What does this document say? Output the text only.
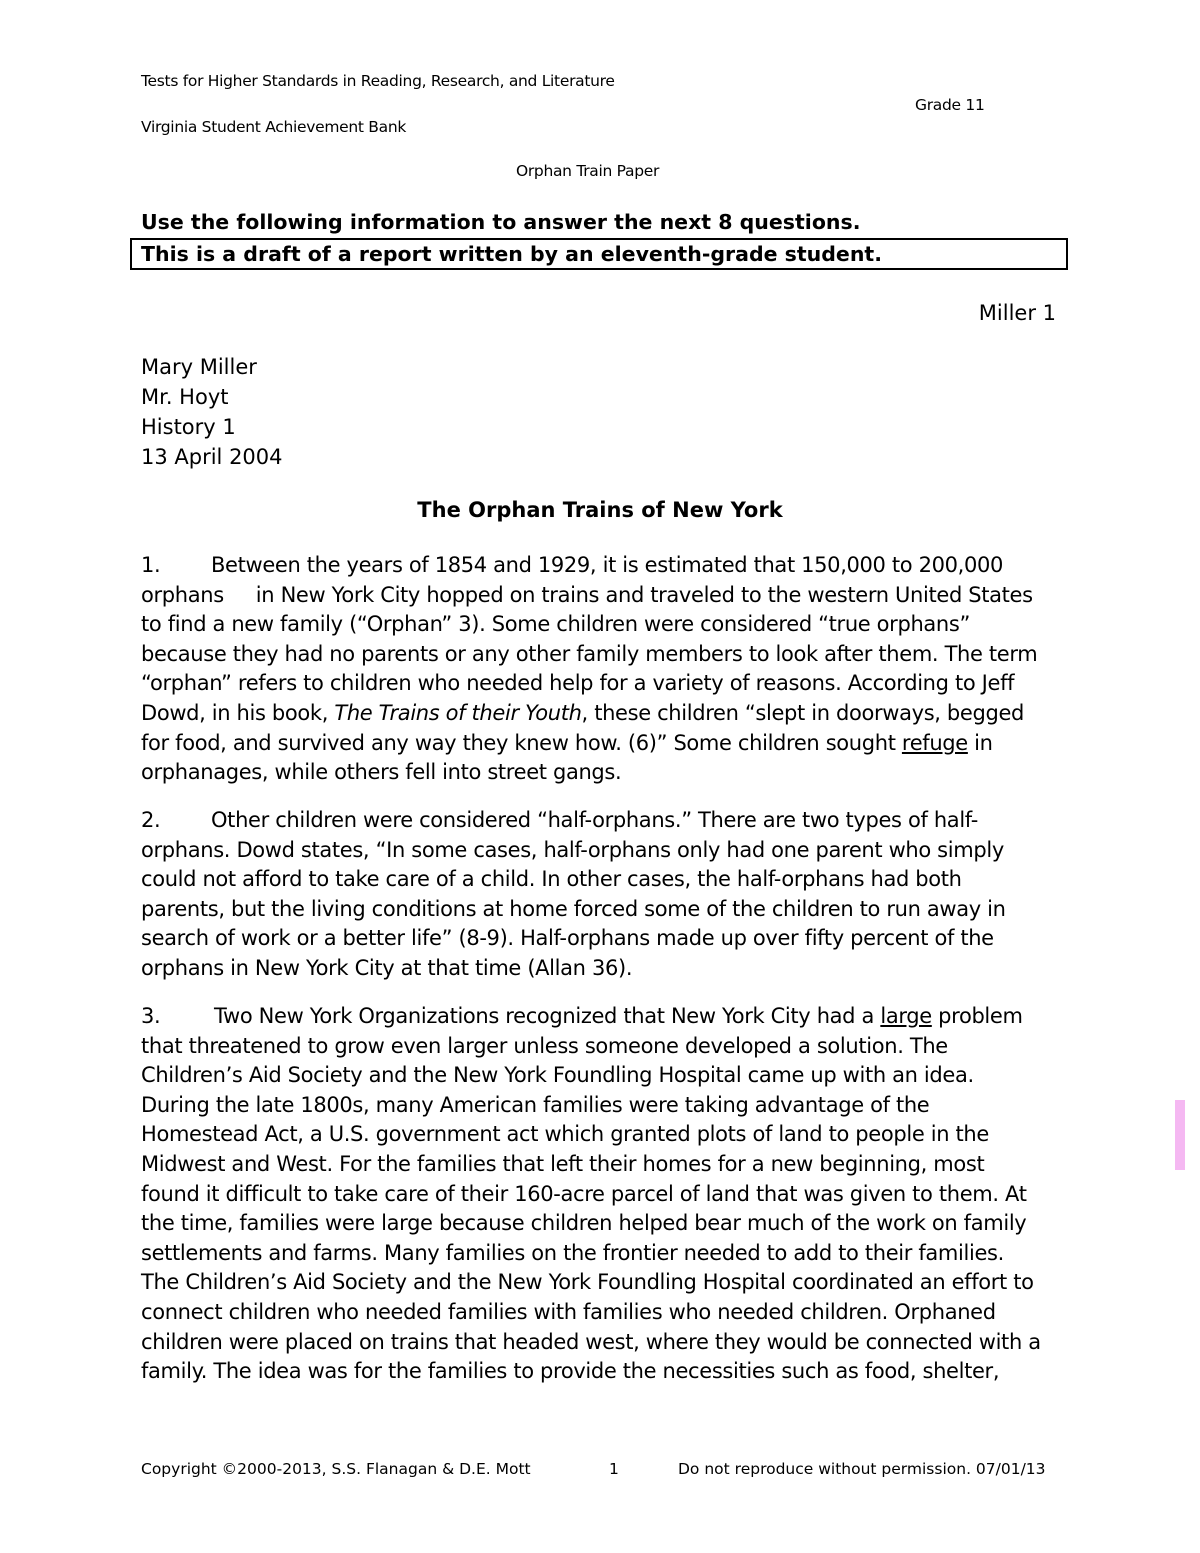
Tests for Higher Standards in Reading, Research, and Literature
Grade 11
Virginia Student Achievement Bank
Orphan Train Paper
Use the following information to answer the next 8 questions.
This is a draft of a report written by an eleventh-grade student.
Miller 1
Mary Miller
Mr. Hoyt
History 1
13 April 2004
The Orphan Trains of New York
1. Between the years of 1854 and 1929, it is estimated that 150,000 to 200,000
orphans in New York City hopped on trains and traveled to the western United States
to find a new family (“Orphan” 3). Some children were considered “true orphans”
because they had no parents or any other family members to look after them. The term
“orphan” refers to children who needed help for a variety of reasons. According to Jeff
Dowd, in his book, The Trains of their Youth, these children “slept in doorways, begged
for food, and survived any way they knew how. (6)” Some children sought refuge in
orphanages, while others fell into street gangs.
2. Other children were considered “half-orphans.” There are two types of half-
orphans. Dowd states, “In some cases, half-orphans only had one parent who simply
could not afford to take care of a child. In other cases, the half-orphans had both
parents, but the living conditions at home forced some of the children to run away in
search of work or a better life” (8-9). Half-orphans made up over fifty percent of the
orphans in New York City at that time (Allan 36).
3.	Two New York Organizations recognized that New York City had a large problem
that threatened to grow even larger unless someone developed a solution. The
Children’s Aid Society and the New York Foundling Hospital came up with an idea.
During the late 1800s, many American families were taking advantage of the
Homestead Act, a U.S. government act which granted plots of land to people in the
Midwest and West. For the families that left their homes for a new beginning, most
found it difficult to take care of their 160-acre parcel of land that was given to them. At
the time, families were large because children helped bear much of the work on family
settlements and farms. Many families on the frontier needed to add to their families.
The Children’s Aid Society and the New York Foundling Hospital coordinated an effort to
connect children who needed families with families who needed children. Orphaned
children were placed on trains that headed west, where they would be connected with a
family. The idea was for the families to provide the necessities such as food, shelter,
Copyright ©2000-2013, S.S. Flanagan & D.E. Mott	1	Do not reproduce without permission. 07/01/13
